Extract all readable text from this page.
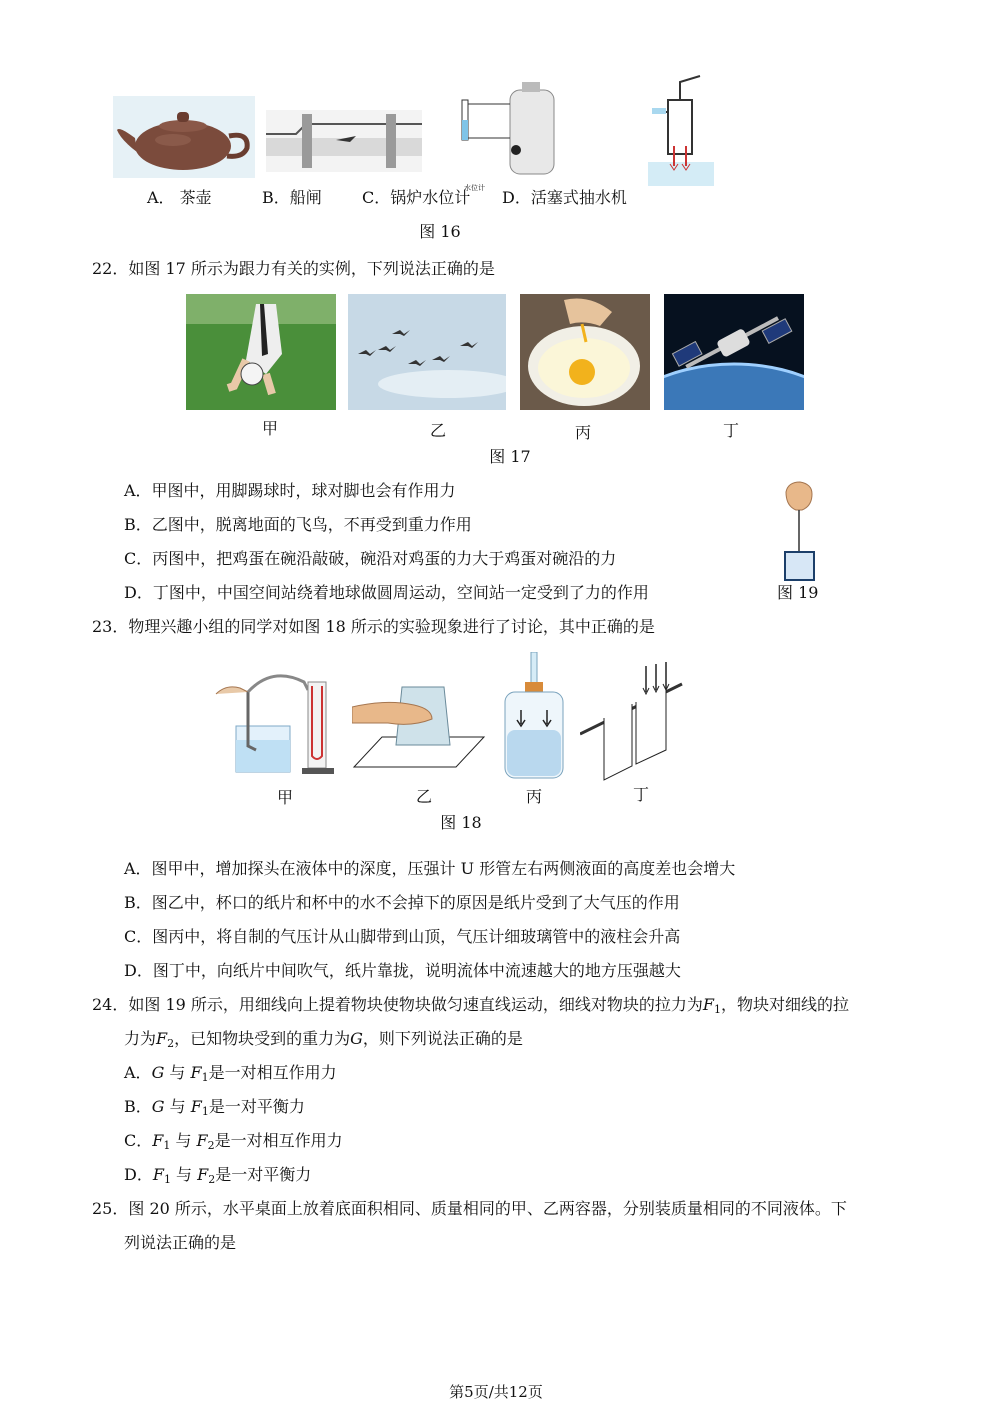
水位计
A． 茶壶	B．船闸	C．锅炉水位计 D．活塞式抽水机
图 16
22．如图 17 所示为跟力有关的实例，下列说法正确的是
甲	乙	丙	丁
图 17
A．甲图中，用脚踢球时，球对脚也会有作用力
B．乙图中，脱离地面的飞鸟，不再受到重力作用
C．丙图中，把鸡蛋在碗沿敲破，碗沿对鸡蛋的力大于鸡蛋对碗沿的力
D．丁图中，中国空间站绕着地球做圆周运动，空间站一定受到了力的作用	图 19
23．物理兴趣小组的同学对如图 18 所示的实验现象进行了讨论，其中正确的是
甲	乙	丙	丁
图 18
A．图甲中，增加探头在液体中的深度，压强计 U 形管左右两侧液面的高度差也会增大
B．图乙中，杯口的纸片和杯中的水不会掉下的原因是纸片受到了大气压的作用
C．图丙中，将自制的气压计从山脚带到山顶，气压计细玻璃管中的液柱会升高
D．图丁中，向纸片中间吹气，纸片靠拢，说明流体中流速越大的地方压强越大
24．如图 19 所示，用细线向上提着物块使物块做匀速直线运动，细线对物块的拉力为$F_1$，物块对细线的拉
力为$F_2$，已知物块受到的重力为G，则下列说法正确的是
A．G 与 $F_1$是一对相互作用力
B．G 与 $F_1$是一对平衡力
C．$F_1$ 与 $F_2$是一对相互作用力
D．$F_1$ 与 $F_2$是一对平衡力
25．图 20 所示，水平桌面上放着底面积相同、质量相同的甲、乙两容器，分别装质量相同的不同液体。下
列说法正确的是
第5页/共12页
